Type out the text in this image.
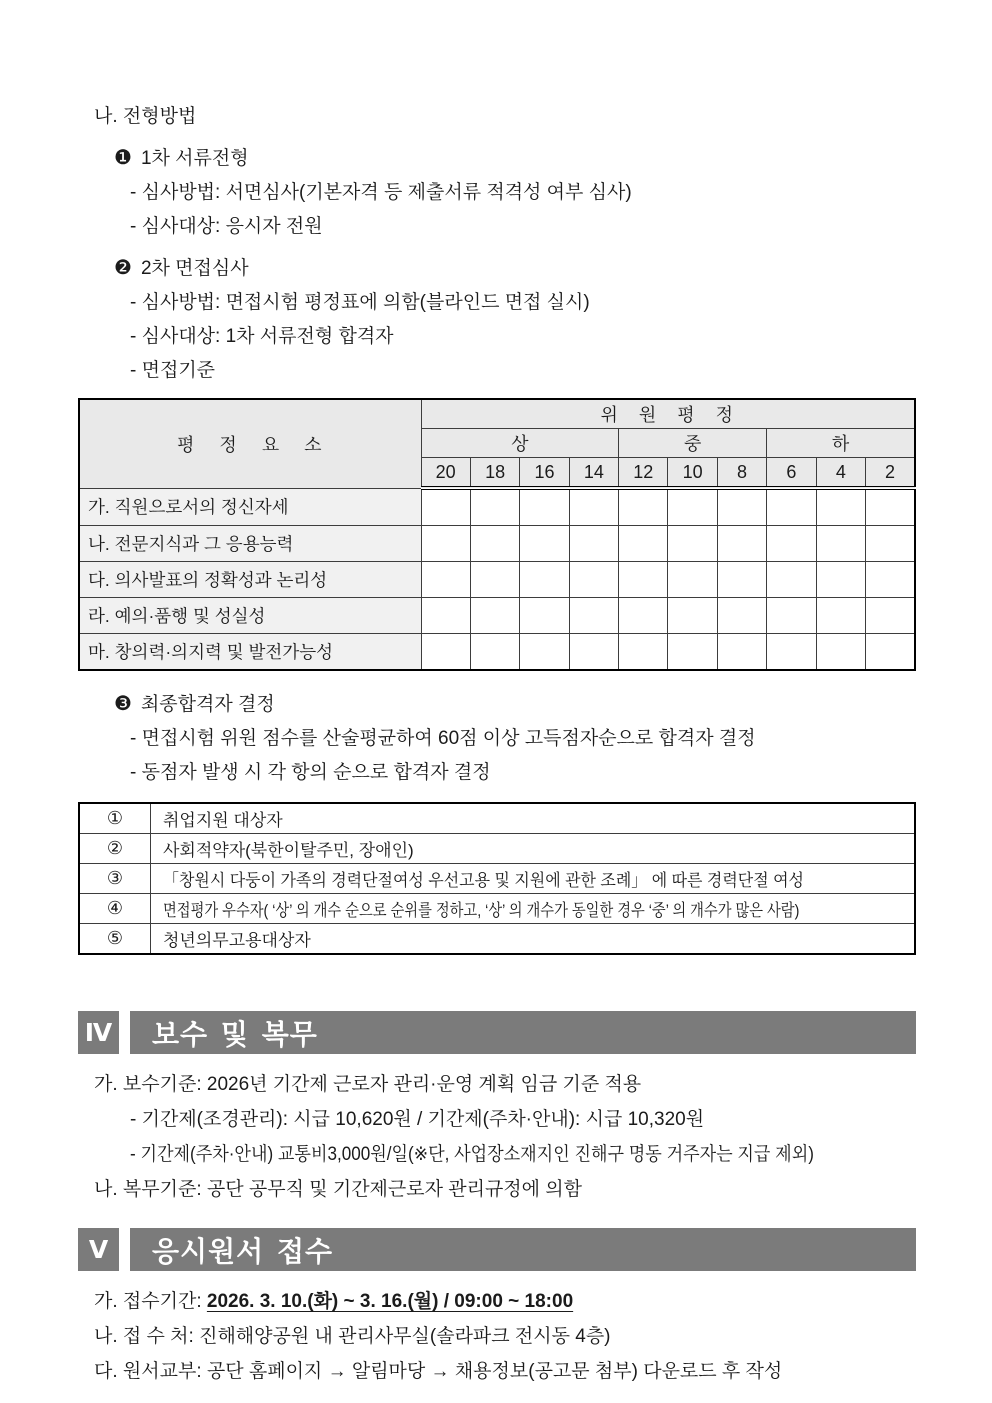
나. 전형방법
❶ 1차 서류전형
- 심사방법: 서면심사(기본자격 등 제출서류 적격성 여부 심사)
- 심사대상: 응시자 전원
❷ 2차 면접심사
- 심사방법: 면접시험 평정표에 의함(블라인드 면접 실시)
- 심사대상: 1차 서류전형 합격자
- 면접기준
평 정 요 소	위 원 평 정									
	상				중			하		
	20	18	16	14	12	10	8	6	4	2
가. 직원으로서의 정신자세										
나. 전문지식과 그 응용능력										
다. 의사발표의 정확성과 논리성										
라. 예의·품행 및 성실성										
마. 창의력·의지력 및 발전가능성										
❸ 최종합격자 결정
- 면접시험 위원 점수를 산술평균하여 60점 이상 고득점자순으로 합격자 결정
- 동점자 발생 시 각 항의 순으로 합격자 결정
①	취업지원 대상자
②	사회적약자(북한이탈주민, 장애인)
③	「창원시 다둥이 가족의 경력단절여성 우선고용 및 지원에 관한 조례」 에 따른 경력단절 여성
④	면접평가 우수자( ‘상’ 의 개수 순으로 순위를 정하고, ‘상’ 의 개수가 동일한 경우 ‘중’ 의 개수가 많은 사람)
⑤	청년의무고용대상자
Ⅳ	보수 및 복무
가. 보수기준: 2026년 기간제 근로자 관리·운영 계획 임금 기준 적용
- 기간제(조경관리): 시급 10,620원 / 기간제(주차·안내): 시급 10,320원
- 기간제(주차·안내) 교통비3,000원/일(※단, 사업장소재지인 진해구 명동 거주자는 지급 제외)
나. 복무기준: 공단 공무직 및 기간제근로자 관리규정에 의함
Ⅴ	응시원서 접수
가. 접수기간: 2026. 3. 10.(화) ~ 3. 16.(월) / 09:00 ~ 18:00
나. 접 수 처: 진해해양공원 내 관리사무실(솔라파크 전시동 4층)
다. 원서교부: 공단 홈페이지 → 알림마당 → 채용정보(공고문 첨부) 다운로드 후 작성
